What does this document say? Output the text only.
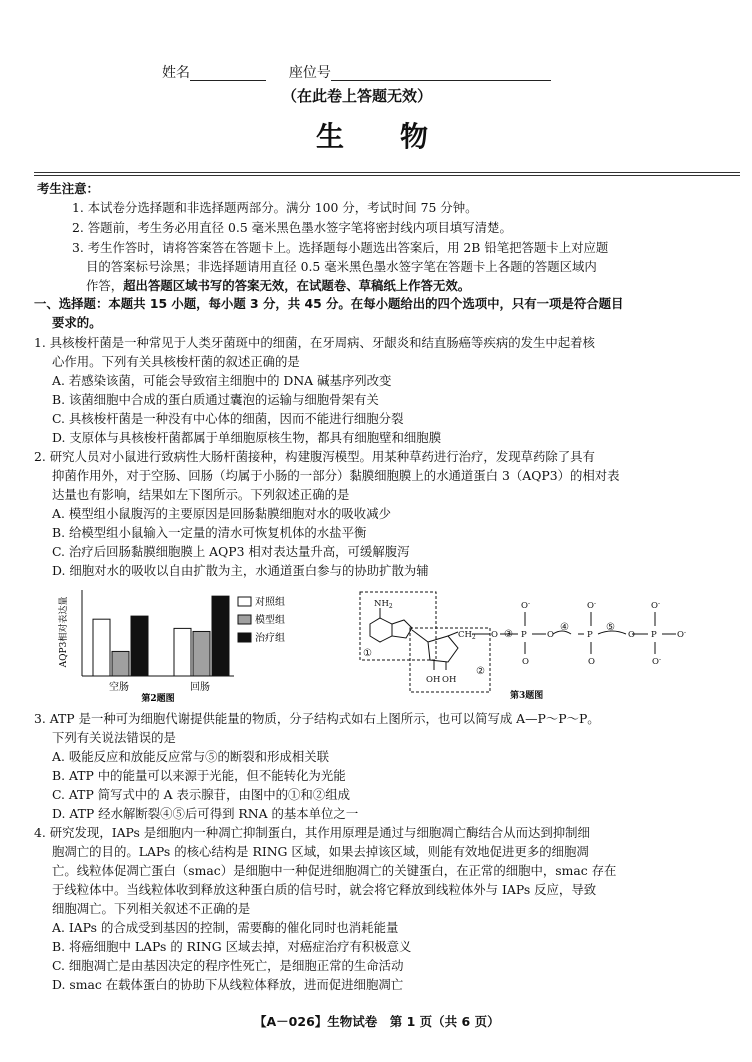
姓名	座位号
（在此卷上答题无效）
生　　物
考生注意：
1. 本试卷分选择题和非选择题两部分。满分 100 分，考试时间 75 分钟。
2. 答题前，考生务必用直径 0.5 毫米黑色墨水签字笔将密封线内项目填写清楚。
3. 考生作答时，请将答案答在答题卡上。选择题每小题选出答案后，用 2B 铅笔把答题卡上对应题
目的答案标号涂黑；非选择题请用直径 0.5 毫米黑色墨水签字笔在答题卡上各题的答题区域内
作答，超出答题区域书写的答案无效，在试题卷、草稿纸上作答无效。
一、选择题：本题共 15 小题，每小题 3 分，共 45 分。在每小题给出的四个选项中，只有一项是符合题目
要求的。
1. 具核梭杆菌是一种常见于人类牙菌斑中的细菌，在牙周病、牙龈炎和结直肠癌等疾病的发生中起着核
心作用。下列有关具核梭杆菌的叙述正确的是
A. 若感染该菌，可能会导致宿主细胞中的 DNA 碱基序列改变
B. 该菌细胞中合成的蛋白质通过囊泡的运输与细胞骨架有关
C. 具核梭杆菌是一种没有中心体的细菌，因而不能进行细胞分裂
D. 支原体与具核梭杆菌都属于单细胞原核生物，都具有细胞壁和细胞膜
2. 研究人员对小鼠进行致病性大肠杆菌接种，构建腹泻模型。用某种草药进行治疗，发现草药除了具有
抑菌作用外，对于空肠、回肠（均属于小肠的一部分）黏膜细胞膜上的水通道蛋白 3（AQP3）的相对表
达量也有影响，结果如左下图所示。下列叙述正确的是
A. 模型组小鼠腹泻的主要原因是回肠黏膜细胞对水的吸收减少
B. 给模型组小鼠输入一定量的清水可恢复机体的水盐平衡
C. 治疗后回肠黏膜细胞膜上 AQP3 相对表达量升高，可缓解腹泻
D. 细胞对水的吸收以自由扩散为主，水通道蛋白参与的协助扩散为辅
AQP3相对表达量
空肠	回肠
第2题图
对照组
模型组
治疗组
$NH_2$
①
②
$CH_2$
OH OH
O ③ P
O-
O
O
④
P
O-
O
⑤
O P
O-
O-
O-
第3题图
3. ATP 是一种可为细胞代谢提供能量的物质，分子结构式如右上图所示，也可以简写成 A—P～P～P。
下列有关说法错误的是
A. 吸能反应和放能反应常与⑤的断裂和形成相关联
B. ATP 中的能量可以来源于光能，但不能转化为光能
C. ATP 简写式中的 A 表示腺苷，由图中的①和②组成
D. ATP 经水解断裂④⑤后可得到 RNA 的基本单位之一
4. 研究发现，IAPs 是细胞内一种凋亡抑制蛋白，其作用原理是通过与细胞凋亡酶结合从而达到抑制细
胞凋亡的目的。LAPs 的核心结构是 RING 区域，如果去掉该区域，则能有效地促进更多的细胞凋
亡。线粒体促凋亡蛋白（smac）是细胞中一种促进细胞凋亡的关键蛋白，在正常的细胞中，smac 存在
于线粒体中。当线粒体收到释放这种蛋白质的信号时，就会将它释放到线粒体外与 IAPs 反应，导致
细胞凋亡。下列相关叙述不正确的是
A. IAPs 的合成受到基因的控制，需要酶的催化同时也消耗能量
B. 将癌细胞中 LAPs 的 RING 区域去掉，对癌症治疗有积极意义
C. 细胞凋亡是由基因决定的程序性死亡，是细胞正常的生命活动
D. smac 在载体蛋白的协助下从线粒体释放，进而促进细胞凋亡
【A－026】生物试卷　第 1 页（共 6 页）
